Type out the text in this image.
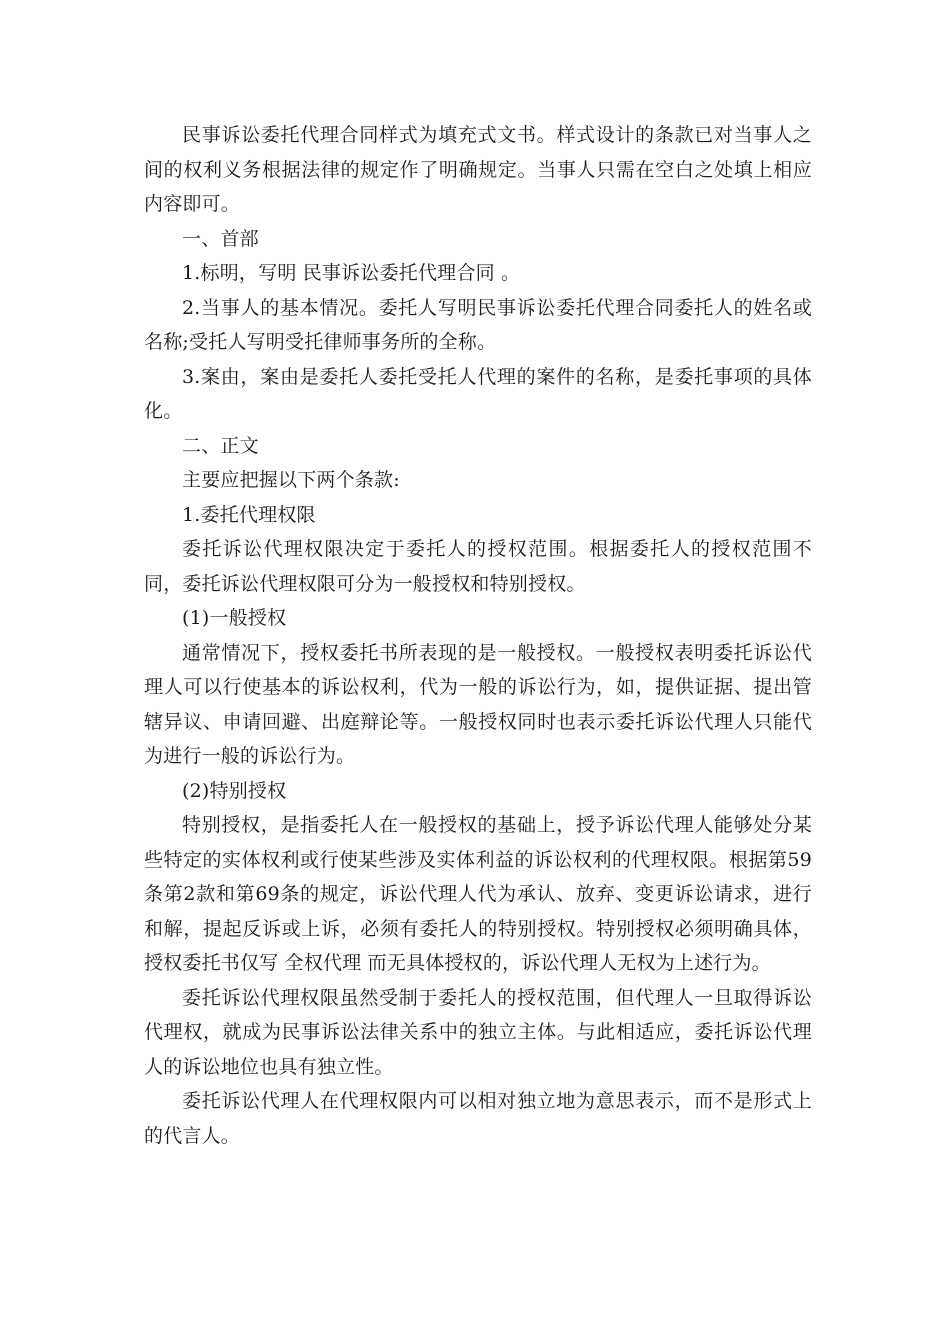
民事诉讼委托代理合同样式为填充式文书。样式设计的条款已对当事人之间的权利义务根据法律的规定作了明确规定。当事人只需在空白之处填上相应内容即可。

一、首部

1.标明，写明 民事诉讼委托代理合同 。

2.当事人的基本情况。委托人写明民事诉讼委托代理合同委托人的姓名或名称;受托人写明受托律师事务所的全称。

3.案由，案由是委托人委托受托人代理的案件的名称，是委托事项的具体化。

二、正文

主要应把握以下两个条款:

1.委托代理权限

委托诉讼代理权限决定于委托人的授权范围。根据委托人的授权范围不同，委托诉讼代理权限可分为一般授权和特别授权。

(1)一般授权

通常情况下，授权委托书所表现的是一般授权。一般授权表明委托诉讼代理人可以行使基本的诉讼权利，代为一般的诉讼行为，如，提供证据、提出管辖异议、申请回避、出庭辩论等。一般授权同时也表示委托诉讼代理人只能代为进行一般的诉讼行为。

(2)特别授权

特别授权，是指委托人在一般授权的基础上，授予诉讼代理人能够处分某些特定的实体权利或行使某些涉及实体利益的诉讼权利的代理权限。根据第59条第2款和第69条的规定，诉讼代理人代为承认、放弃、变更诉讼请求，进行和解，提起反诉或上诉，必须有委托人的特别授权。特别授权必须明确具体，授权委托书仅写 全权代理 而无具体授权的，诉讼代理人无权为上述行为。

委托诉讼代理权限虽然受制于委托人的授权范围，但代理人一旦取得诉讼代理权，就成为民事诉讼法律关系中的独立主体。与此相适应，委托诉讼代理人的诉讼地位也具有独立性。

委托诉讼代理人在代理权限内可以相对独立地为意思表示，而不是形式上的代言人。
